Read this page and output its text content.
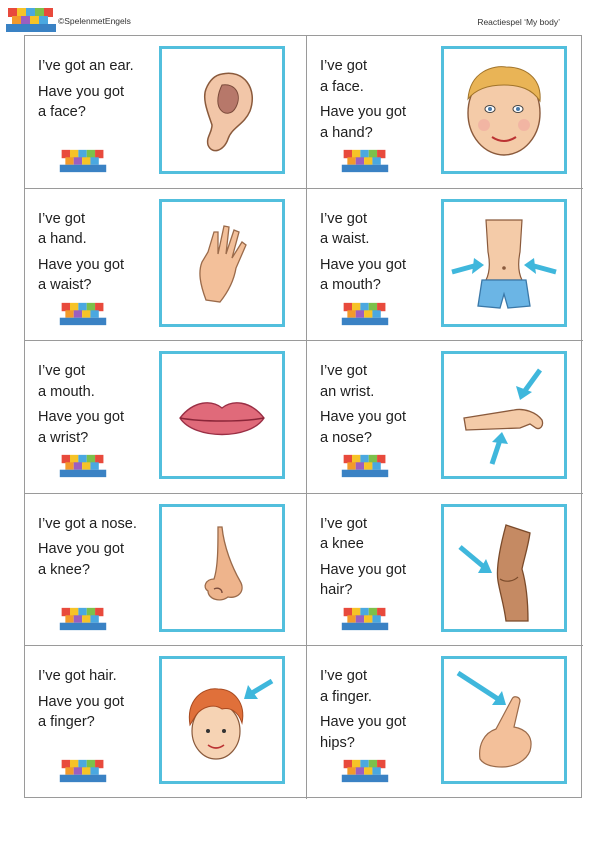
©SpelenmetEngels	Reactiespel ‘My body’
I’ve got an ear.
Have you got
a face?
I’ve got
a face.
Have you got
a hand?
I’ve got
a hand.
Have you got
a waist?
I’ve got
a waist.
Have you got
a mouth?
I’ve got
a mouth.
Have you got
a wrist?
I’ve got
an wrist.
Have you got
a nose?
I’ve got a nose.
Have you got
a knee?
I’ve got
a knee
Have you got
hair?
I’ve got hair.
Have you got
a finger?
I’ve got
a finger.
Have you got
hips?
